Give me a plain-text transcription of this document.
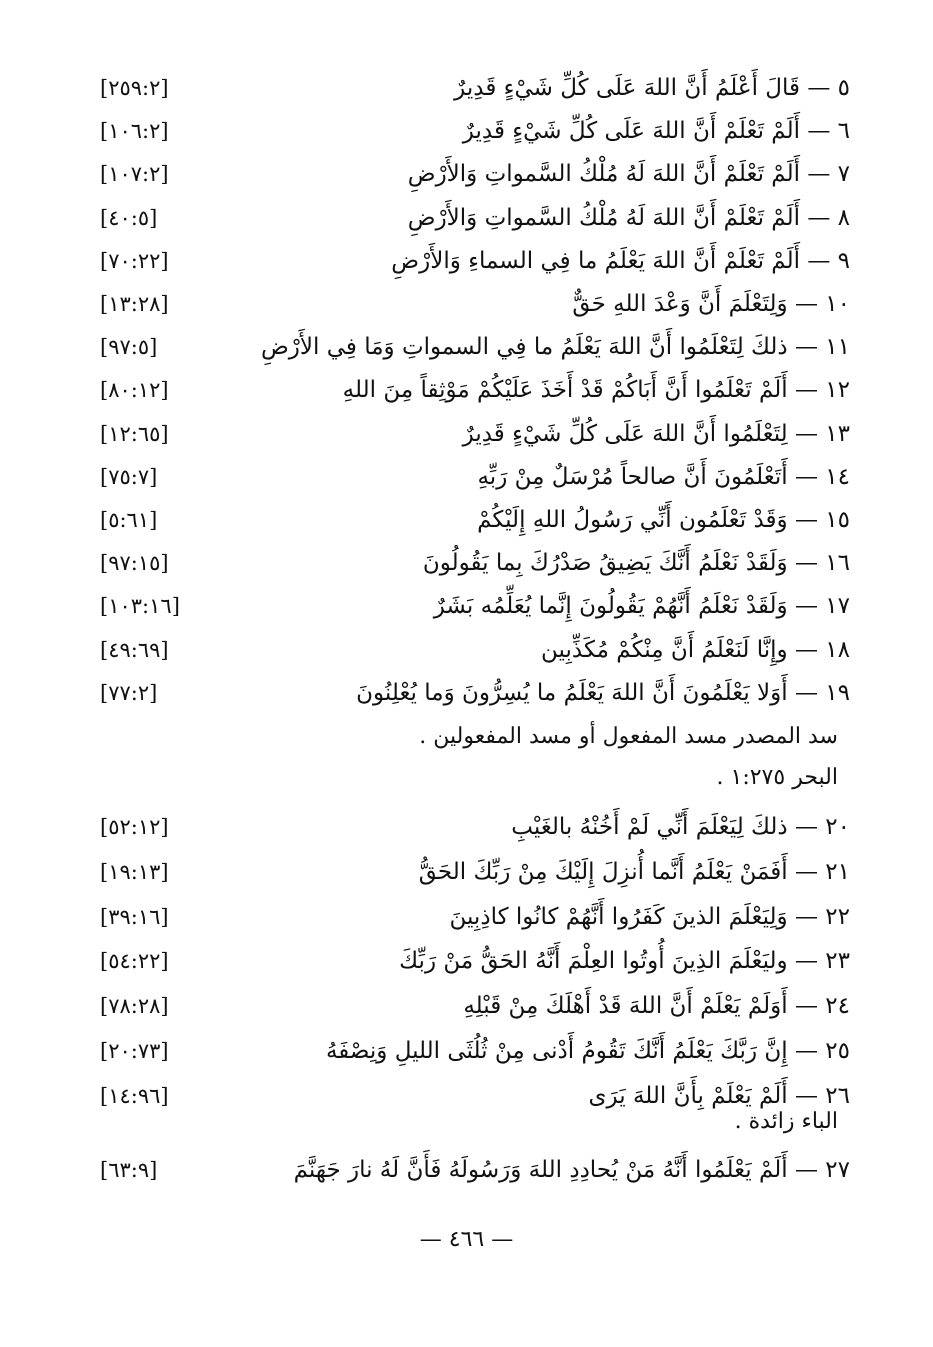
٥ — قَالَ أَعْلَمُ أَنَّ اللهَ عَلَى كُلِّ شَيْءٍ قَدِيرٌ
[٢٥٩:٢]
٦ — أَلَمْ تَعْلَمْ أَنَّ اللهَ عَلَى كُلِّ شَيْءٍ قَدِيرٌ
[١٠٦:٢]
٧ — أَلَمْ تَعْلَمْ أَنَّ اللهَ لَهُ مُلْكُ السَّمواتِ وَالأَرْضِ
[١٠٧:٢]
٨ — أَلَمْ تَعْلَمْ أَنَّ اللهَ لَهُ مُلْكُ السَّمواتِ وَالأَرْضِ
[٤٠:٥]
٩ — أَلَمْ تَعْلَمْ أَنَّ اللهَ يَعْلَمُ ما فِي السماءِ وَالأَرْضِ
[٧٠:٢٢]
١٠ — وَلِتَعْلَمَ أَنَّ وَعْدَ اللهِ حَقٌّ
[١٣:٢٨]
١١ — ذلكَ لِتَعْلَمُوا أَنَّ اللهَ يَعْلَمُ ما فِي السمواتِ وَمَا فِي الأَرْضِ
[٩٧:٥]
١٢ — أَلَمْ تَعْلَمُوا أَنَّ أَبَاكُمْ قَدْ أَخَذَ عَلَيْكُمْ مَوْثِقاً مِنَ اللهِ
[٨٠:١٢]
١٣ — لِتَعْلَمُوا أَنَّ اللهَ عَلَى كُلِّ شَيْءٍ قَدِيرٌ
[١٢:٦٥]
١٤ — أَتَعْلَمُونَ أَنَّ صالحاً مُرْسَلٌ مِنْ رَبِّهِ
[٧٥:٧]
١٥ — وَقَدْ تَعْلَمُون أَنِّي رَسُولُ اللهِ إِلَيْكُمْ
[٥:٦١]
١٦ — وَلَقَدْ نَعْلَمُ أَنَّكَ يَضِيقُ صَدْرُكَ بِما يَقُولُونَ
[٩٧:١٥]
١٧ — وَلَقَدْ نَعْلَمُ أَنَّهُمْ يَقُولُونَ إِنَّما يُعَلِّمُه بَشَرٌ
[١٠٣:١٦]
١٨ — وإِنَّا لَنَعْلَمُ أَنَّ مِنْكُمْ مُكَذِّبِين
[٤٩:٦٩]
١٩ — أَوَلا يَعْلَمُونَ أَنَّ اللهَ يَعْلَمُ ما يُسِرُّونَ وَما يُعْلِنُونَ
[٧٧:٢]
سد المصدر مسد المفعول أو مسد المفعولين .
البحر ١:٢٧٥ .
٢٠ — ذلكَ لِيَعْلَمَ أَنِّي لَمْ أَخُنْهُ بالغَيْبِ
[٥٢:١٢]
٢١ — أَفَمَنْ يَعْلَمُ أَنَّما أُنزِلَ إِلَيْكَ مِنْ رَبِّكَ الحَقُّ
[١٩:١٣]
٢٢ — وَلِيَعْلَمَ الذينَ كَفَرُوا أَنَّهُمْ كانُوا كاذِبِينَ
[٣٩:١٦]
٢٣ — وليَعْلَمَ الذِينَ أُوتُوا العِلْمَ أَنَّهُ الحَقُّ مَنْ رَبِّكَ
[٥٤:٢٢]
٢٤ — أَوَلَمْ يَعْلَمْ أَنَّ اللهَ قَدْ أَهْلَكَ مِنْ قَبْلِهِ
[٧٨:٢٨]
٢٥ — إِنَّ رَبَّكَ يَعْلَمُ أَنَّكَ تَقُومُ أَدْنى مِنْ ثُلُثَى الليلِ وَنِصْفَهُ
[٢٠:٧٣]
٢٦ — أَلَمْ يَعْلَمْ بِأَنَّ اللهَ يَرَى
[١٤:٩٦]
الباء زائدة .
٢٧ — أَلَمْ يَعْلَمُوا أَنَّهُ مَنْ يُحادِدِ اللهَ وَرَسُولَهُ فَأَنَّ لَهُ نارَ جَهَنَّمَ
[٦٣:٩]
— ٤٦٦ —
